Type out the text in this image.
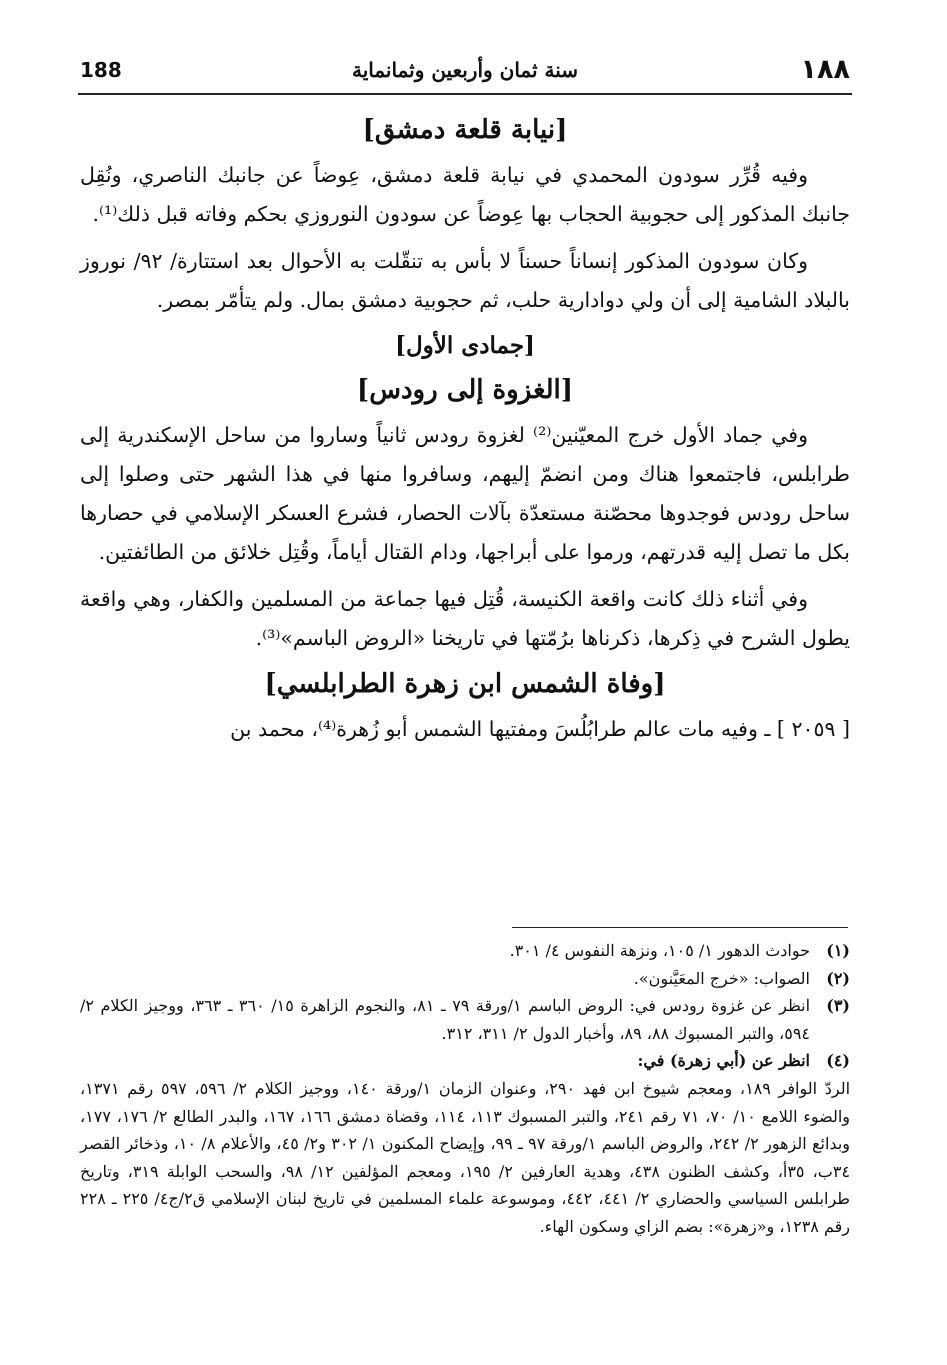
188	سنة ثمان وأربعين وثمانماية	١٨٨
[نيابة قلعة دمشق]

وفيه قُرِّر سودون المحمدي في نيابة قلعة دمشق، عِوضاً عن جانبك الناصري، ونُقِل جانبك المذكور إلى حجوبية الحجاب بها عِوضاً عن سودون النوروزي بحكم وفاته قبل ذلك⁽¹⁾.

وكان سودون المذكور إنساناً حسناً لا بأس به تنقّلت به الأحوال بعد استتارة/ ٩٢/ نوروز بالبلاد الشامية إلى أن ولي دوادارية حلب، ثم حجوبية دمشق بمال. ولم يتأمّر بمصر.

[جمادى الأول]
[الغزوة إلى رودس]

وفي جماد الأول خرج المعيّنين⁽²⁾ لغزوة رودس ثانياً وساروا من ساحل الإسكندرية إلى طرابلس، فاجتمعوا هناك ومن انضمّ إليهم، وسافروا منها في هذا الشهر حتى وصلوا إلى ساحل رودس فوجدوها محصّنة مستعدّة بآلات الحصار، فشرع العسكر الإسلامي في حصارها بكل ما تصل إليه قدرتهم، ورموا على أبراجها، ودام القتال أياماً، وقُتِل خلائق من الطائفتين.

وفي أثناء ذلك كانت واقعة الكنيسة، قُتِل فيها جماعة من المسلمين والكفار، وهي واقعة يطول الشرح في ذِكرها، ذكرناها برُمّتها في تاريخنا «الروض الباسم»⁽³⁾.

[وفاة الشمس ابن زهرة الطرابلسي]

[ ٢٠٥٩ ] ـ وفيه مات عالم طرابُلُسَ ومفتيها الشمس أبو زُهرة⁽⁴⁾، محمد بن

(١)
حوادث الدهور ١/ ١٠٥، ونزهة النفوس ٤/ ٣٠١.
(٢)
الصواب: «خرج المعَيَّنون».
(٣)
انظر عن غزوة رودس في: الروض الباسم ١/ورقة ٧٩ ـ ٨١، والنجوم الزاهرة ١٥/ ٣٦٠ ـ ٣٦٣، ووجيز الكلام ٢/ ٥٩٤، والتبر المسبوك ٨٨، ٨٩، وأخبار الدول ٢/ ٣١١، ٣١٢.
(٤)
انظر عن (أبي زهرة) في:
الردّ الوافر ١٨٩، ومعجم شيوخ ابن فهد ٢٩٠، وعنوان الزمان ١/ورقة ١٤٠، ووجيز الكلام ٢/ ٥٩٦، ٥٩٧ رقم ١٣٧١، والضوء اللامع ١٠/ ٧٠، ٧١ رقم ٢٤١، والتبر المسبوك ١١٣، ١١٤، وقضاة دمشق ١٦٦، ١٦٧، والبدر الطالع ٢/ ١٧٦، ١٧٧، وبدائع الزهور ٢/ ٢٤٢، والروض الباسم ١/ورقة ٩٧ ـ ٩٩، وإيضاح المكنون ١/ ٣٠٢ و٢/ ٤٥، والأعلام ٨/ ١٠، وذخائر القصر ٣٤ب، ٣٥أ، وكشف الظنون ٤٣٨، وهدية العارفين ٢/ ١٩٥، ومعجم المؤلفين ١٢/ ٩٨، والسحب الوابلة ٣١٩، وتاريخ طرابلس السياسي والحضاري ٢/ ٤٤١، ٤٤٢، وموسوعة علماء المسلمين في تاريخ لبنان الإسلامي ق٢/ج٤/ ٢٢٥ ـ ٢٢٨ رقم ١٢٣٨، و«زهرة»: بضم الزاي وسكون الهاء.
